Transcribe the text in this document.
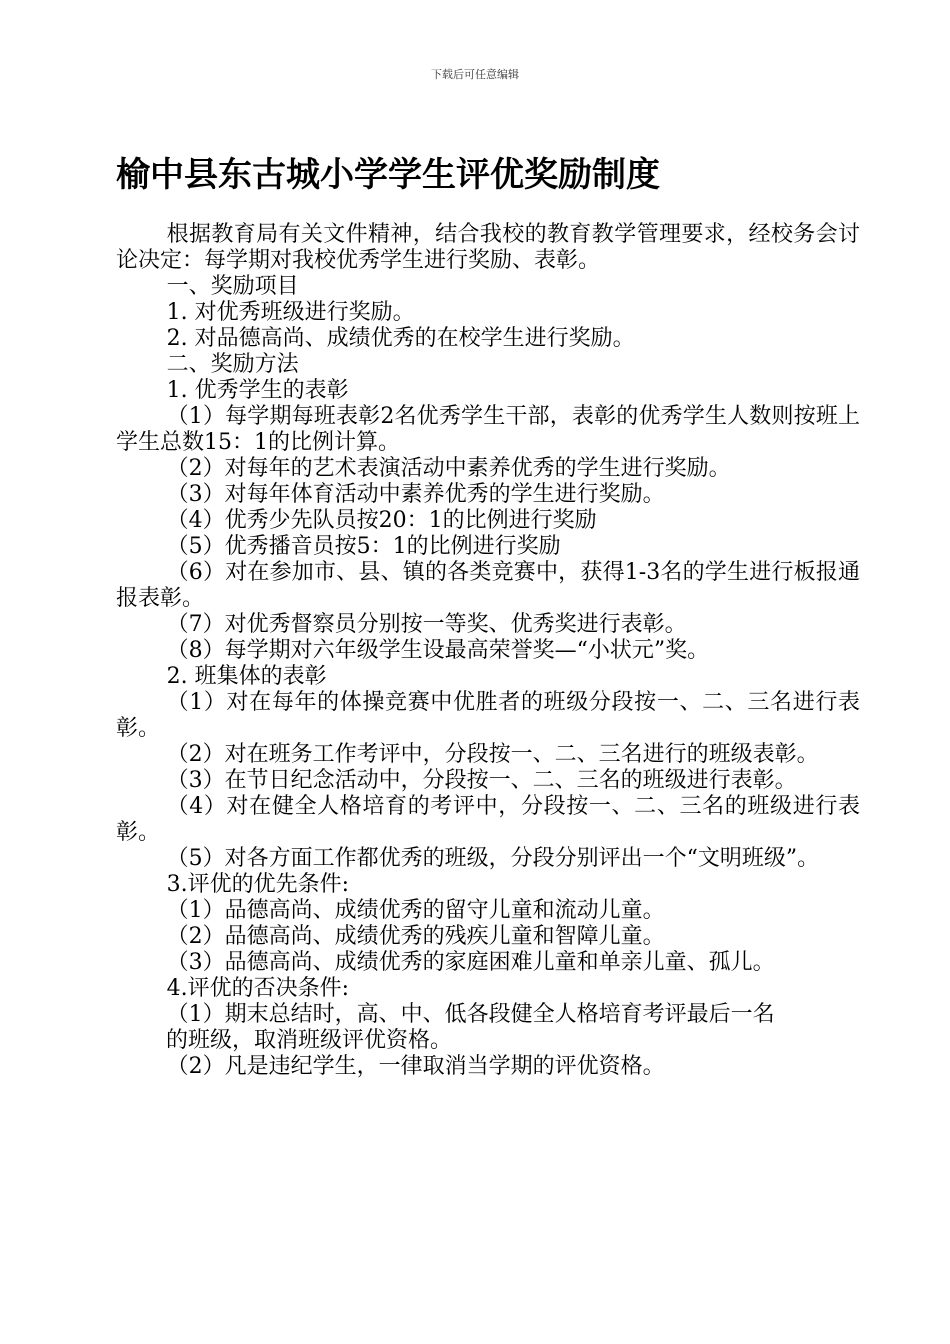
下载后可任意编辑
榆中县东古城小学学生评优奖励制度

根据教育局有关文件精神，结合我校的教育教学管理要求，经校务会讨论决定：每学期对我校优秀学生进行奖励、表彰。

一、奖励项目

1. 对优秀班级进行奖励。

2. 对品德高尚、成绩优秀的在校学生进行奖励。

二、奖励方法

1. 优秀学生的表彰

（1）每学期每班表彰2名优秀学生干部，表彰的优秀学生人数则按班上学生总数15：1的比例计算。

（2）对每年的艺术表演活动中素养优秀的学生进行奖励。

（3）对每年体育活动中素养优秀的学生进行奖励。

（4）优秀少先队员按20：1的比例进行奖励

（5）优秀播音员按5：1的比例进行奖励

（6）对在参加市、县、镇的各类竞赛中，获得1-3名的学生进行板报通报表彰。

（7）对优秀督察员分别按一等奖、优秀奖进行表彰。

（8）每学期对六年级学生设最高荣誉奖—“小状元”奖。

2. 班集体的表彰

（1）对在每年的体操竞赛中优胜者的班级分段按一、二、三名进行表彰。

（2）对在班务工作考评中，分段按一、二、三名进行的班级表彰。

（3）在节日纪念活动中，分段按一、二、三名的班级进行表彰。

（4）对在健全人格培育的考评中，分段按一、二、三名的班级进行表彰。

（5）对各方面工作都优秀的班级，分段分别评出一个“文明班级”。

3.评优的优先条件:

（1）品德高尚、成绩优秀的留守儿童和流动儿童。

（2）品德高尚、成绩优秀的残疾儿童和智障儿童。

（3）品德高尚、成绩优秀的家庭困难儿童和单亲儿童、孤儿。

4.评优的否决条件:

（1）期末总结时，高、中、低各段健全人格培育考评最后一名

的班级，取消班级评优资格。

（2）凡是违纪学生，一律取消当学期的评优资格。
